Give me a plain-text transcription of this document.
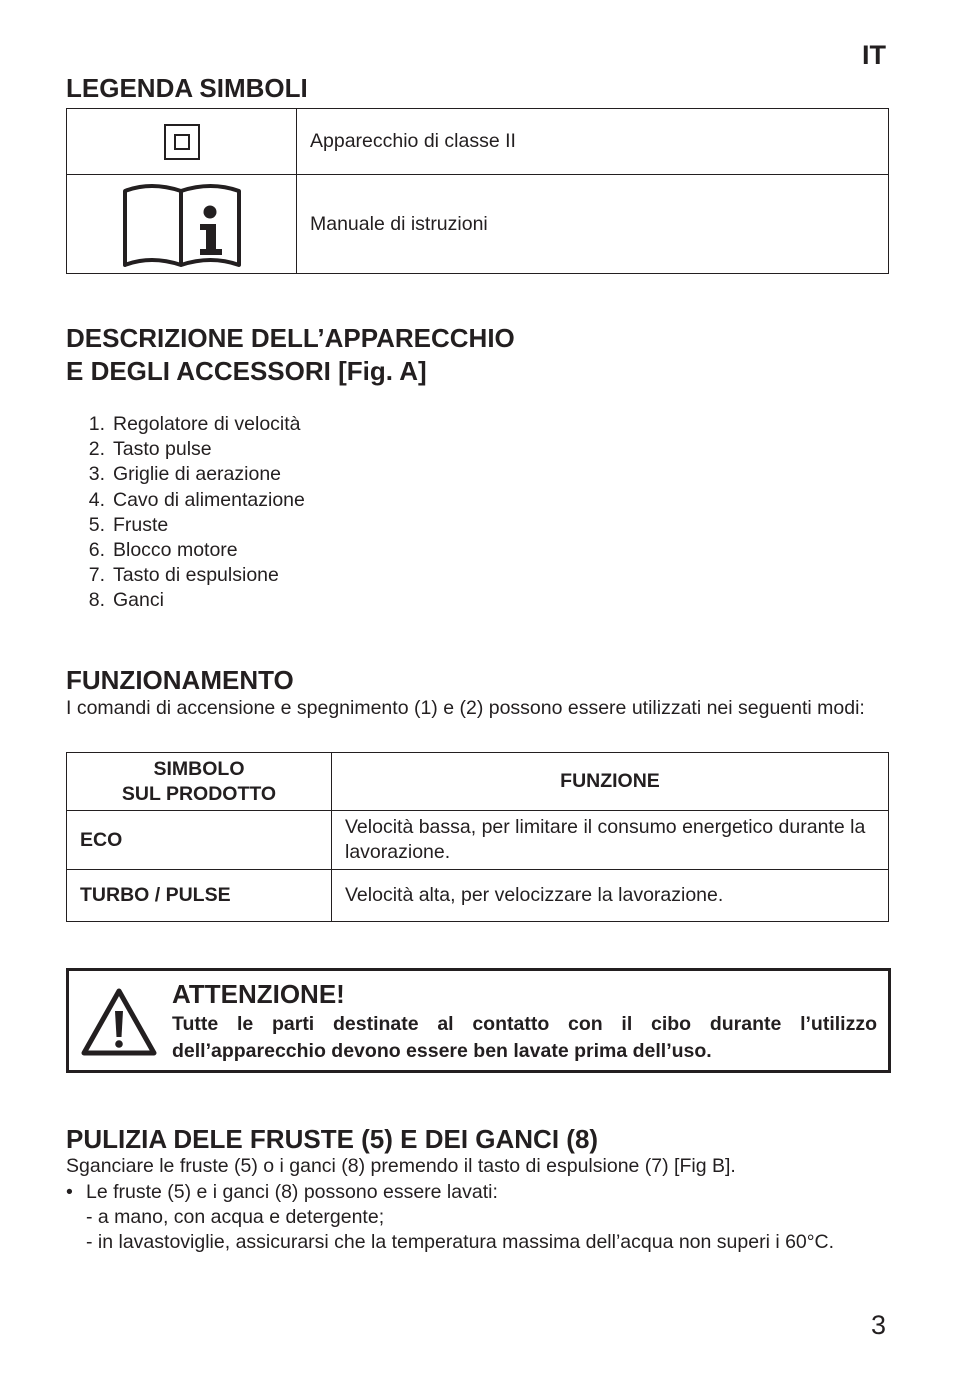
IT
LEGENDA SIMBOLI
	Apparecchio di classe II
	Manuale di istruzioni
DESCRIZIONE DELL’APPARECCHIO
E DEGLI ACCESSORI [Fig. A]
1. Regolatore di velocità
2. Tasto pulse
3. Griglie di aerazione
4. Cavo di alimentazione
5. Fruste
6. Blocco motore
7. Tasto di espulsione
8. Ganci
FUNZIONAMENTO

I comandi di accensione e spegnimento (1) e (2) possono essere utilizzati nei seguenti modi:

SIMBOLO
SUL PRODOTTO	FUNZIONE
ECO	Velocità bassa, per limitare il consumo energetico durante la lavorazione.
TURBO / PULSE	Velocità alta, per velocizzare la lavorazione.
ATTENZIONE!
Tutte le parti destinate al contatto con il cibo durante l’utilizzo dell’apparecchio devono essere ben lavate prima dell’uso.
PULIZIA DELE FRUSTE (5) E DEI GANCI (8)
Sganciare le fruste (5) o i ganci (8) premendo il tasto di espulsione (7) [Fig B].
• Le fruste (5) e i ganci (8) possono essere lavati:
- a mano, con acqua e detergente;
- in lavastoviglie, assicurarsi che la temperatura massima dell’acqua non superi i 60°C.
3
